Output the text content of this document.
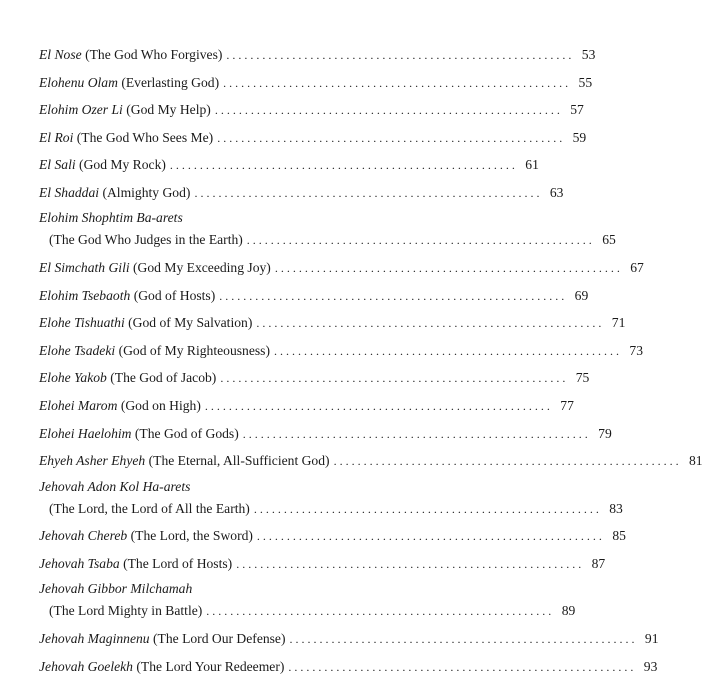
El Nose (The God Who Forgives) . . .	53
Elohenu Olam (Everlasting God) . . .	55
Elohim Ozer Li (God My Help) . . .	57
El Roi (The God Who Sees Me) . . .	59
El Sali (God My Rock) . . .	61
El Shaddai (Almighty God) . . .	63
Elohim Shophtim Ba-arets
(The God Who Judges in the Earth) . . .	65
El Simchath Gili (God My Exceeding Joy) . . .	67
Elohim Tsebaoth (God of Hosts) . . .	69
Elohe Tishuathi (God of My Salvation) . . .	71
Elohe Tsadeki (God of My Righteousness) . . .	73
Elohe Yakob (The God of Jacob) . . .	75
Elohei Marom (God on High) . . .	77
Elohei Haelohim (The God of Gods) . . .	79
Ehyeh Asher Ehyeh (The Eternal, All-Sufficient God) . . .	81
Jehovah Adon Kol Ha-arets
(The Lord, the Lord of All the Earth) . . .	83
Jehovah Chereb (The Lord, the Sword) . . .	85
Jehovah Tsaba (The Lord of Hosts) . . .	87
Jehovah Gibbor Milchamah
(The Lord Mighty in Battle) . . .	89
Jehovah Maginnenu (The Lord Our Defense) . . .	91
Jehovah Goelekh (The Lord Your Redeemer) . . .	93
